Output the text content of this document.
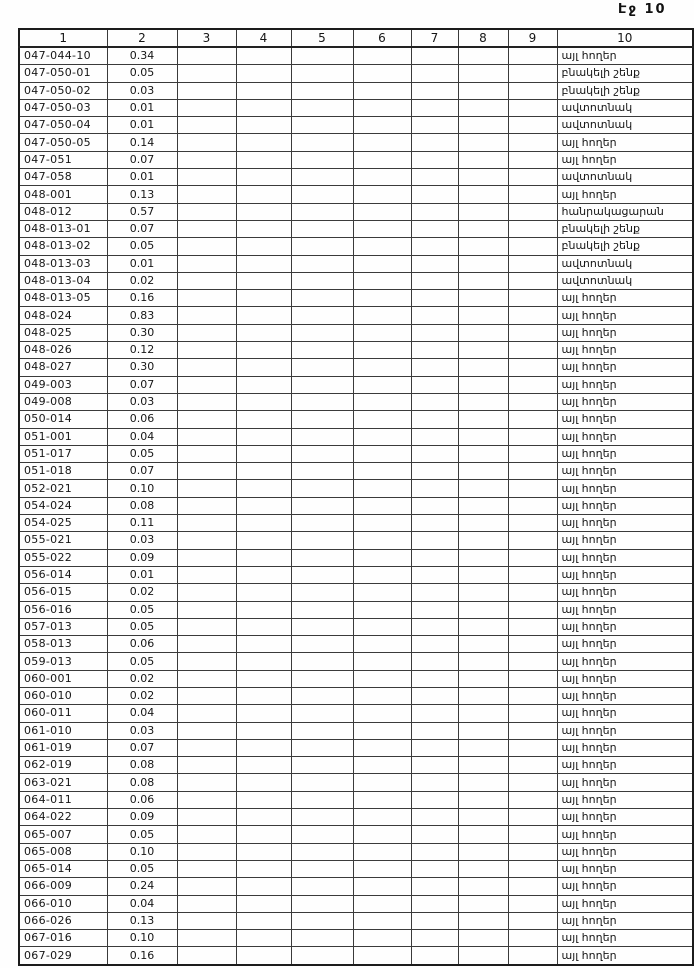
Էջ 10
1	2	3	4	5	6	7	8	9	10
047-044-10	0.34								այլ հողեր
047-050-01	0.05								բնակելի շենք
047-050-02	0.03								բնակելի շենք
047-050-03	0.01								ավտոտնակ
047-050-04	0.01								ավտոտնակ
047-050-05	0.14								այլ հողեր
047-051	0.07								այլ հողեր
047-058	0.01								ավտոտնակ
048-001	0.13								այլ հողեր
048-012	0.57								հանրակացարան
048-013-01	0.07								բնակելի շենք
048-013-02	0.05								բնակելի շենք
048-013-03	0.01								ավտոտնակ
048-013-04	0.02								ավտոտնակ
048-013-05	0.16								այլ հողեր
048-024	0.83								այլ հողեր
048-025	0.30								այլ հողեր
048-026	0.12								այլ հողեր
048-027	0.30								այլ հողեր
049-003	0.07								այլ հողեր
049-008	0.03								այլ հողեր
050-014	0.06								այլ հողեր
051-001	0.04								այլ հողեր
051-017	0.05								այլ հողեր
051-018	0.07								այլ հողեր
052-021	0.10								այլ հողեր
054-024	0.08								այլ հողեր
054-025	0.11								այլ հողեր
055-021	0.03								այլ հողեր
055-022	0.09								այլ հողեր
056-014	0.01								այլ հողեր
056-015	0.02								այլ հողեր
056-016	0.05								այլ հողեր
057-013	0.05								այլ հողեր
058-013	0.06								այլ հողեր
059-013	0.05								այլ հողեր
060-001	0.02								այլ հողեր
060-010	0.02								այլ հողեր
060-011	0.04								այլ հողեր
061-010	0.03								այլ հողեր
061-019	0.07								այլ հողեր
062-019	0.08								այլ հողեր
063-021	0.08								այլ հողեր
064-011	0.06								այլ հողեր
064-022	0.09								այլ հողեր
065-007	0.05								այլ հողեր
065-008	0.10								այլ հողեր
065-014	0.05								այլ հողեր
066-009	0.24								այլ հողեր
066-010	0.04								այլ հողեր
066-026	0.13								այլ հողեր
067-016	0.10								այլ հողեր
067-029	0.16								այլ հողեր
